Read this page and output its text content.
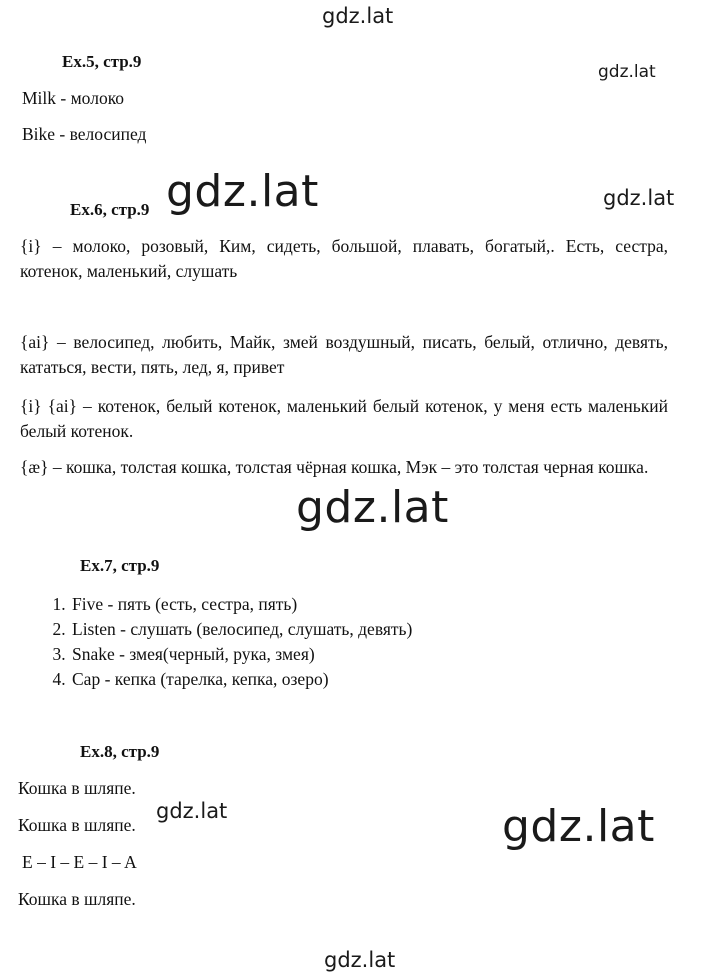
gdz.lat
gdz.lat
gdz.lat	gdz.lat
gdz.lat
gdz.lat	gdz.lat
gdz.lat
Ex.5, стр.9
Milk - молоко
Bike - велосипед
Ex.6, стр.9
{i} – молоко, розовый, Ким, сидеть, большой, плавать, богатый,. Есть, сестра, котенок, маленький, слушать
{ai} – велосипед, любить, Майк, змей воздушный, писать, белый, отлично, девять, кататься, вести, пять, лед, я, привет
{i} {ai} – котенок, белый котенок, маленький белый котенок, у меня есть маленький белый котенок.
{æ} – кошка, толстая кошка, толстая чёрная кошка, Мэк – это толстая черная кошка.
Ex.7, стр.9
1. Five - пять (есть, сестра, пять)
2. Listen - слушать (велосипед, слушать, девять)
3. Snake - змея(черный, рука, змея)
4. Cap - кепка (тарелка, кепка, озеро)
Ex.8, стр.9
Кошка в шляпе.
Кошка в шляпе.
E – I – E – I – A
Кошка в шляпе.
